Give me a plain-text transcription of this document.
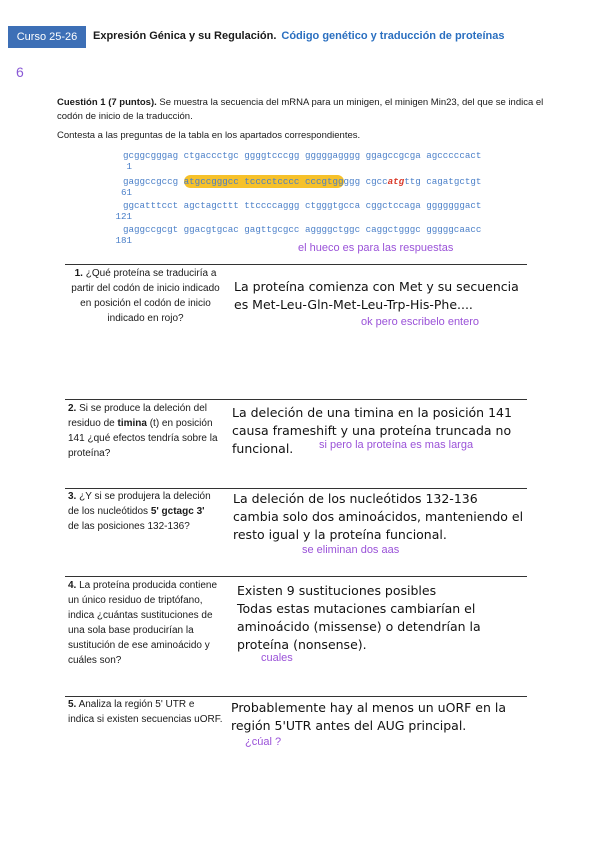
Curso 25-26	Expresión Génica y su Regulación. Código genético y traducción de proteínas
6
Cuestión 1 (7 puntos). Se muestra la secuencia del mRNA para un minigen, el minigen Min23, del que se indica el codón de inicio de la traducción.
Contesta a las preguntas de la tabla en los apartados correspondientes.

1

gcggcgggag ctgaccctgc ggggtcccgg gggggagggg ggagccgcga agcccccact

61

gaggccgccg atgccgggcc tcccctcccc cccgtggggg cgccatgttg cagatgctgt

121

ggcatttcct agctagcttt ttccccaggg ctgggtgcca cggctccaga gggggggact

181

gaggccgcgt ggacgtgcac gagttgcgcc aggggctggc caggctgggc gggggcaacc

el hueco es para las respuestas
1. ¿Qué proteína se traduciría a partir del codón de inicio indicado en posición el codón de inicio indicado en rojo?
La proteína comienza con Met y su secuencia es Met-Leu-Gln-Met-Leu-Trp-His-Phe....
ok pero escribelo entero
2. Si se produce la deleción del residuo de timina (t) en posición 141 ¿qué efectos tendría sobre la proteína?
La deleción de una timina en la posición 141 causa frameshift y una proteína truncada no funcional.	si pero la proteína es mas larga
3. ¿Y si se produjera la deleción de los nucleótidos 5' gctagc 3' de las posiciones 132-136?
La deleción de los nucleótidos 132-136 cambia solo dos aminoácidos, manteniendo el resto igual y la proteína funcional.
se eliminan dos aas
4. La proteína producida contiene un único residuo de triptófano, indica ¿cuántas sustituciones de una sola base producirían la sustitución de ese aminoácido y cuáles son?
Existen 9 sustituciones posibles
Todas estas mutaciones cambiarían el aminoácido (missense) o detendrían la proteína (nonsense).
cuales
5. Analiza la región 5' UTR e indica si existen secuencias uORF.
Probablemente hay al menos un uORF en la región 5'UTR antes del AUG principal.
¿cúal ?
